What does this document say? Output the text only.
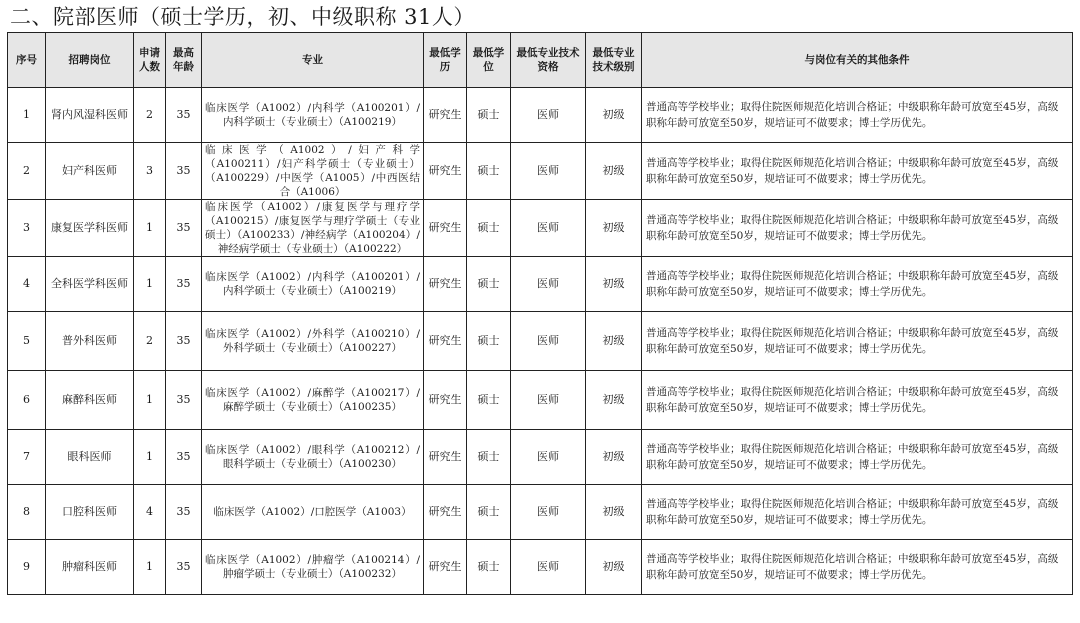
二、院部医师（硕士学历，初、中级职称 31人）
序号	招聘岗位	申请人数	最高年龄	专业	最低学历	最低学位	最低专业技术资格	最低专业技术级别	与岗位有关的其他条件
1	肾内风湿科医师	2	35	临床医学（A1002）/内科学（A100201）/内科学硕士（专业硕士）（A100219）	研究生	硕士	医师	初级	普通高等学校毕业；取得住院医师规范化培训合格证；中级职称年龄可放宽至45岁，高级职称年龄可放宽至50岁，规培证可不做要求；博士学历优先。
2	妇产科医师	3	35	临床医学（A1002）/妇产科学（A100211）/妇产科学硕士（专业硕士）（A100229）/中医学（A1005）/中西医结合（A1006）	研究生	硕士	医师	初级	普通高等学校毕业；取得住院医师规范化培训合格证；中级职称年龄可放宽至45岁，高级职称年龄可放宽至50岁，规培证可不做要求；博士学历优先。
3	康复医学科医师	1	35	临床医学（A1002）/康复医学与理疗学（A100215）/康复医学与理疗学硕士（专业硕士）（A100233）/神经病学（A100204）/神经病学硕士（专业硕士）（A100222）	研究生	硕士	医师	初级	普通高等学校毕业；取得住院医师规范化培训合格证；中级职称年龄可放宽至45岁，高级职称年龄可放宽至50岁，规培证可不做要求；博士学历优先。
4	全科医学科医师	1	35	临床医学（A1002）/内科学（A100201）/内科学硕士（专业硕士）（A100219）	研究生	硕士	医师	初级	普通高等学校毕业；取得住院医师规范化培训合格证；中级职称年龄可放宽至45岁，高级职称年龄可放宽至50岁，规培证可不做要求；博士学历优先。
5	普外科医师	2	35	临床医学（A1002）/外科学（A100210）/外科学硕士（专业硕士）（A100227）	研究生	硕士	医师	初级	普通高等学校毕业；取得住院医师规范化培训合格证；中级职称年龄可放宽至45岁，高级职称年龄可放宽至50岁，规培证可不做要求；博士学历优先。
6	麻醉科医师	1	35	临床医学（A1002）/麻醉学（A100217）/麻醉学硕士（专业硕士）（A100235）	研究生	硕士	医师	初级	普通高等学校毕业；取得住院医师规范化培训合格证；中级职称年龄可放宽至45岁，高级职称年龄可放宽至50岁，规培证可不做要求；博士学历优先。
7	眼科医师	1	35	临床医学（A1002）/眼科学（A100212）/眼科学硕士（专业硕士）（A100230）	研究生	硕士	医师	初级	普通高等学校毕业；取得住院医师规范化培训合格证；中级职称年龄可放宽至45岁，高级职称年龄可放宽至50岁，规培证可不做要求；博士学历优先。
8	口腔科医师	4	35	临床医学（A1002）/口腔医学（A1003）	研究生	硕士	医师	初级	普通高等学校毕业；取得住院医师规范化培训合格证；中级职称年龄可放宽至45岁，高级职称年龄可放宽至50岁，规培证可不做要求；博士学历优先。
9	肿瘤科医师	1	35	临床医学（A1002）/肿瘤学（A100214）/肿瘤学硕士（专业硕士）（A100232）	研究生	硕士	医师	初级	普通高等学校毕业；取得住院医师规范化培训合格证；中级职称年龄可放宽至45岁，高级职称年龄可放宽至50岁，规培证可不做要求；博士学历优先。
